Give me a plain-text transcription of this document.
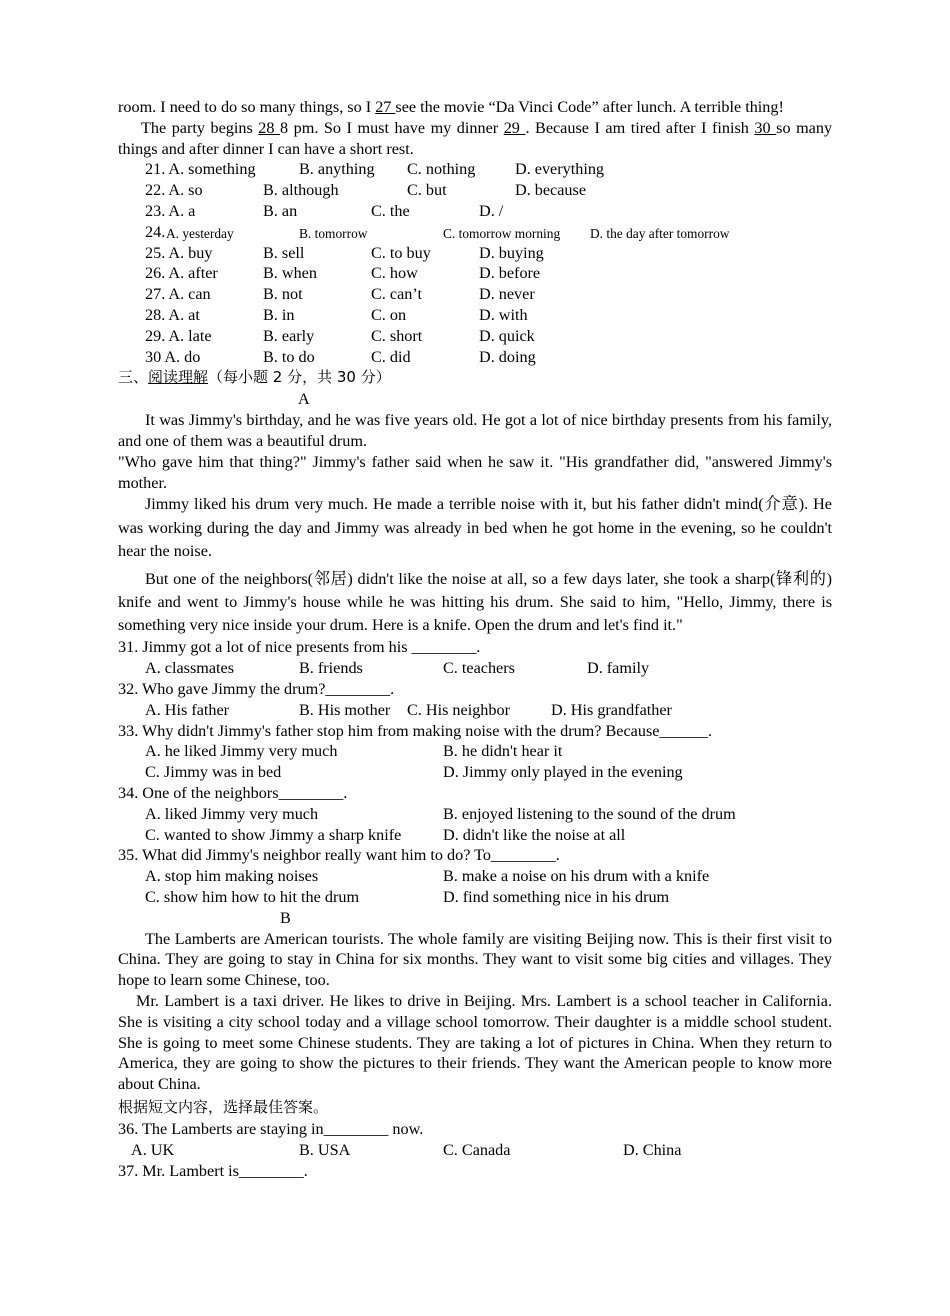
room. I need to do so many things, so I 27 see the movie “Da Vinci Code” after lunch. A terrible thing!

The party begins 28 8 pm. So I must have my dinner 29 . Because I am tired after I finish 30 so many things and after dinner I can have a short rest.

21. A. something	B. anything C. nothing D. everything
22. A. so	B. although	C. but	D. because
23. A. a	B. an	C. the	D. /
24. A. yesterday	B. tomorrow	C. tomorrow morning D. the day after tomorrow
25. A. buy	B. sell	C. to buy	D. buying
26. A. after	B. when	C. how	D. before
27. A. can	B. not	C. can’t	D. never
28. A. at	B. in	C. on	D. with
29. A. late	B. early	C. short	D. quick
30 A. do	B. to do	C. did	D. doing

三、阅读理解（每小题 2 分，共 30 分）

A

It was Jimmy's birthday, and he was five years old. He got a lot of nice birthday presents from his family, and one of them was a beautiful drum.

"Who gave him that thing?" Jimmy's father said when he saw it. "His grandfather did, "answered Jimmy's mother.

Jimmy liked his drum very much. He made a terrible noise with it, but his father didn't mind(介意). He was working during the day and Jimmy was already in bed when he got home in the evening, so he couldn't hear the noise.

But one of the neighbors(邻居) didn't like the noise at all, so a few days later, she took a sharp(锋利的) knife and went to Jimmy's house while he was hitting his drum. She said to him, "Hello, Jimmy, there is something very nice inside your drum. Here is a knife. Open the drum and let's find it."

31. Jimmy got a lot of nice presents from his ________.

A. classmates	B. friends	C. teachers	D. family

32. Who gave Jimmy the drum?________.

A. His father	B. His mother C. His neighbor	D. His grandfather

33. Why didn't Jimmy's father stop him from making noise with the drum? Because______.

A. he liked Jimmy very much	B. he didn't hear it
C. Jimmy was in bed	D. Jimmy only played in the evening

34. One of the neighbors________.

A. liked Jimmy very much	B. enjoyed listening to the sound of the drum
C. wanted to show Jimmy a sharp knife	D. didn't like the noise at all

35. What did Jimmy's neighbor really want him to do? To________.

A. stop him making noises	B. make a noise on his drum with a knife
C. show him how to hit the drum	D. find something nice in his drum

B

The Lamberts are American tourists. The whole family are visiting Beijing now. This is their first visit to China. They are going to stay in China for six months. They want to visit some big cities and villages. They hope to learn some Chinese, too.

Mr. Lambert is a taxi driver. He likes to drive in Beijing. Mrs. Lambert is a school teacher in California. She is visiting a city school today and a village school tomorrow. Their daughter is a middle school student. She is going to meet some Chinese students. They are taking a lot of pictures in China. When they return to America, they are going to show the pictures to their friends. They want the American people to know more about China.

根据短文内容，选择最佳答案。

36. The Lamberts are staying in________ now.

A. UK	B. USA	C. Canada	D. China

37. Mr. Lambert is________.
